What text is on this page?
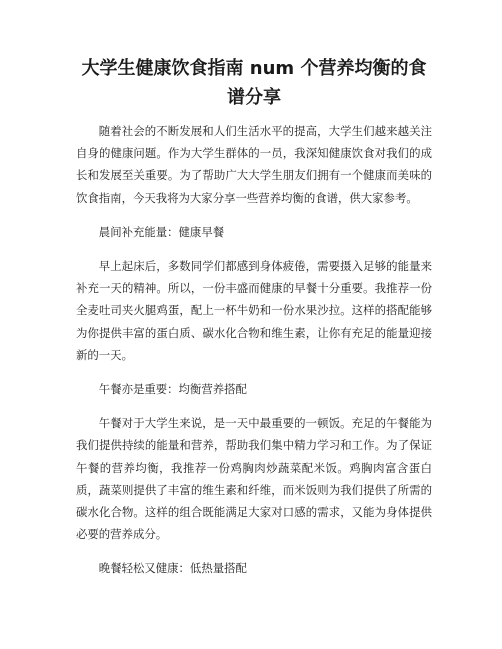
大学生健康饮食指南 num 个营养均衡的食谱分享

随着社会的不断发展和人们生活水平的提高，大学生们越来越关注自身的健康问题。作为大学生群体的一员，我深知健康饮食对我们的成长和发展至关重要。为了帮助广大大学生朋友们拥有一个健康而美味的饮食指南，今天我将为大家分享一些营养均衡的食谱，供大家参考。

晨间补充能量：健康早餐

早上起床后，多数同学们都感到身体疲倦，需要摄入足够的能量来补充一天的精神。所以，一份丰盛而健康的早餐十分重要。我推荐一份全麦吐司夹火腿鸡蛋，配上一杯牛奶和一份水果沙拉。这样的搭配能够为你提供丰富的蛋白质、碳水化合物和维生素，让你有充足的能量迎接新的一天。

午餐亦是重要：均衡营养搭配

午餐对于大学生来说，是一天中最重要的一顿饭。充足的午餐能为我们提供持续的能量和营养，帮助我们集中精力学习和工作。为了保证午餐的营养均衡，我推荐一份鸡胸肉炒蔬菜配米饭。鸡胸肉富含蛋白质，蔬菜则提供了丰富的维生素和纤维，而米饭则为我们提供了所需的碳水化合物。这样的组合既能满足大家对口感的需求，又能为身体提供必要的营养成分。

晚餐轻松又健康：低热量搭配
